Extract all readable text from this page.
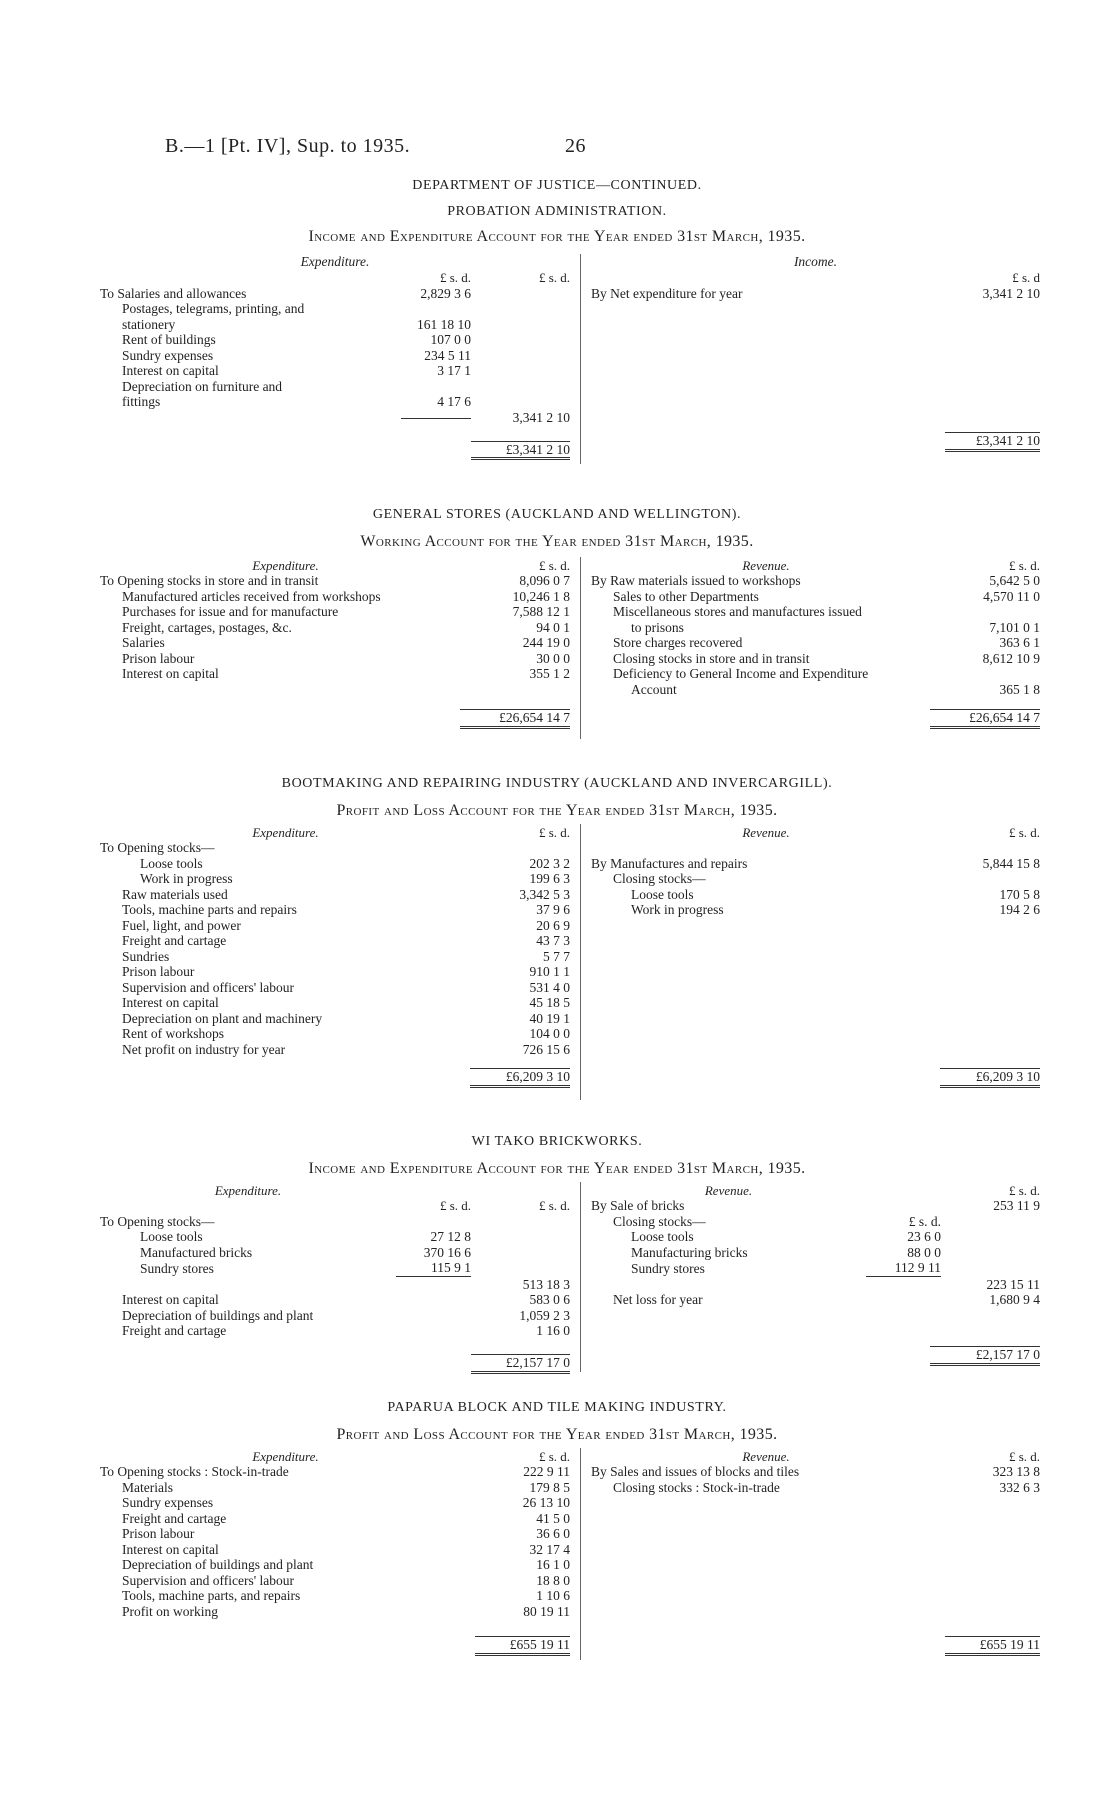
B.—1 [Pt. IV], Sup. to 1935.	26
DEPARTMENT OF JUSTICE—CONTINUED.
PROBATION ADMINISTRATION.
Income and Expenditure Account for the Year ended 31st March, 1935.
Expenditure.
	£ s. d.	£ s. d.
To Salaries and allowances	2,829 3 6	
Postages, telegrams, printing, and		
stationery	161 18 10	
Rent of buildings	107 0 0	
Sundry expenses	234 5 11	
Interest on capital	3 17 1	
Depreciation on furniture and		
fittings	4 17 6	
		3,341 2 10

		£3,341 2 10
Income.
	£ s. d
By Net expenditure for year	3,341 2 10
£3,341 2 10
GENERAL STORES (AUCKLAND AND WELLINGTON).
Working Account for the Year ended 31st March, 1935.
Expenditure.	£ s. d.
To Opening stocks in store and in transit	8,096 0 7
Manufactured articles received from workshops	10,246 1 8
Purchases for issue and for manufacture	7,588 12 1
Freight, cartages, postages, &c.	94 0 1
Salaries	244 19 0
Prison labour	30 0 0
Interest on capital	355 1 2
£26,654 14 7
Revenue.	£ s. d.
By Raw materials issued to workshops	5,642 5 0
Sales to other Departments	4,570 11 0
Miscellaneous stores and manufactures issued	
to prisons	7,101 0 1
Store charges recovered	363 6 1
Closing stocks in store and in transit	8,612 10 9
Deficiency to General Income and Expenditure	
Account	365 1 8
£26,654 14 7
BOOTMAKING AND REPAIRING INDUSTRY (AUCKLAND AND INVERCARGILL).
Profit and Loss Account for the Year ended 31st March, 1935.
Expenditure.	£ s. d.
To Opening stocks—	
Loose tools	202 3 2
Work in progress	199 6 3
Raw materials used	3,342 5 3
Tools, machine parts and repairs	37 9 6
Fuel, light, and power	20 6 9
Freight and cartage	43 7 3
Sundries	5 7 7
Prison labour	910 1 1
Supervision and officers' labour	531 4 0
Interest on capital	45 18 5
Depreciation on plant and machinery	40 19 1
Rent of workshops	104 0 0
Net profit on industry for year	726 15 6
£6,209 3 10
Revenue.	£ s. d.

By Manufactures and repairs	5,844 15 8
Closing stocks—	
Loose tools	170 5 8
Work in progress	194 2 6
£6,209 3 10
WI TAKO BRICKWORKS.
Income and Expenditure Account for the Year ended 31st March, 1935.
Expenditure.		
	£ s. d.	£ s. d.
To Opening stocks—		
Loose tools	27 12 8	
Manufactured bricks	370 16 6	
Sundry stores	115 9 1	
		513 18 3
Interest on capital		583 0 6
Depreciation of buildings and plant		1,059 2 3
Freight and cartage		1 16 0

		£2,157 17 0
Revenue.		£ s. d.
By Sale of bricks		253 11 9
Closing stocks—	£ s. d.	
Loose tools	23 6 0	
Manufacturing bricks	88 0 0	
Sundry stores	112 9 11	
		223 15 11
Net loss for year		1,680 9 4
£2,157 17 0
PAPARUA BLOCK AND TILE MAKING INDUSTRY.
Profit and Loss Account for the Year ended 31st March, 1935.
Expenditure.	£ s. d.
To Opening stocks : Stock-in-trade	222 9 11
Materials	179 8 5
Sundry expenses	26 13 10
Freight and cartage	41 5 0
Prison labour	36 6 0
Interest on capital	32 17 4
Depreciation of buildings and plant	16 1 0
Supervision and officers' labour	18 8 0
Tools, machine parts, and repairs	1 10 6
Profit on working	80 19 11
£655 19 11
Revenue.	£ s. d.
By Sales and issues of blocks and tiles	323 13 8
Closing stocks : Stock-in-trade	332 6 3
£655 19 11
